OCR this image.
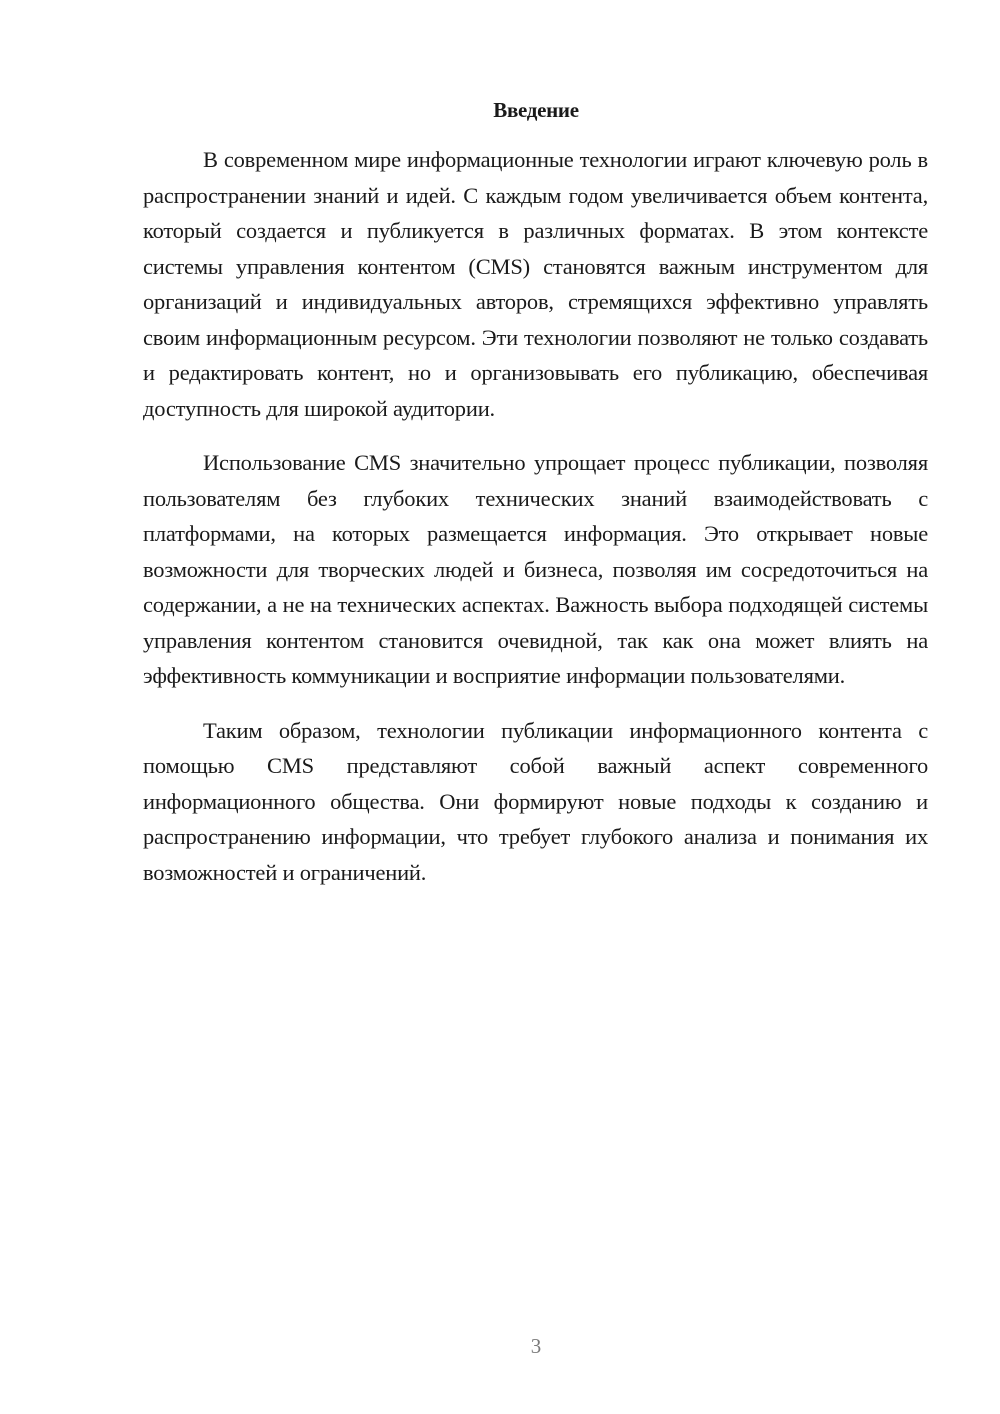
Введение

В современном мире информационные технологии играют ключевую роль в распространении знаний и идей. С каждым годом увеличивается объем контента, который создается и публикуется в различных форматах. В этом контексте системы управления контентом (CMS) становятся важным инструментом для организаций и индивидуальных авторов, стремящихся эффективно управлять своим информационным ресурсом. Эти технологии позволяют не только создавать и редактировать контент, но и организовывать его публикацию, обеспечивая доступность для широкой аудитории.

Использование CMS значительно упрощает процесс публикации, позволяя пользователям без глубоких технических знаний взаимодействовать с платформами, на которых размещается информация. Это открывает новые возможности для творческих людей и бизнеса, позволяя им сосредоточиться на содержании, а не на технических аспектах. Важность выбора подходящей системы управления контентом становится очевидной, так как она может влиять на эффективность коммуникации и восприятие информации пользователями.

Таким образом, технологии публикации информационного контента с помощью CMS представляют собой важный аспект современного информационного общества. Они формируют новые подходы к созданию и распространению информации, что требует глубокого анализа и понимания их возможностей и ограничений.

3
